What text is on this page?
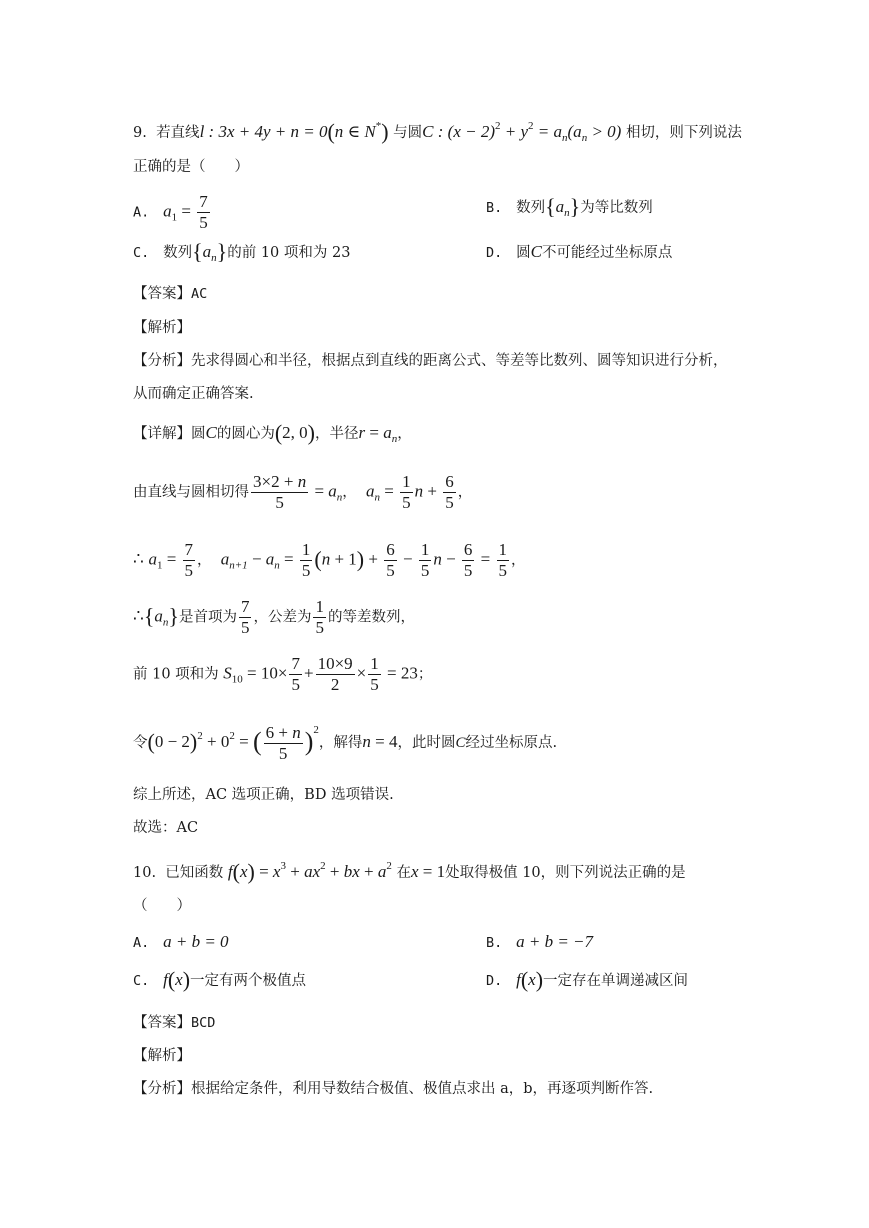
9. 若直线l : 3x + 4y + n = 0(n ∈ N*) 与圆C : $(x - 2)^2 + y^2 = a_n(a_n > 0)$ 相切，则下列说法
正确的是（　　）
A. $a_1 = \frac{7}{5}$	B. 数列$\{a_n\}$为等比数列
C. 数列$\{a_n\}$的前 10 项和为 23	D. 圆C不可能经过坐标原点
【答案】AC
【解析】
【分析】先求得圆心和半径，根据点到直线的距离公式、等差等比数列、圆等知识进行分析，
从而确定正确答案.
【详解】圆C的圆心为(2, 0)，半径$r = a_n$，
由直线与圆相切得 $\frac{3\times 2 + n}{5} = a_n$，  $a_n = \frac{1}{5}$ $n + \frac{6}{5}$ ，
∴ $a_1 = \frac{7}{5}$ ，  $a_{n+1} - a_n = \frac{1}{5} (n + 1) + \frac{6}{5} - \frac{1}{5}$ $n - \frac{6}{5} = \frac{1}{5}$ ，
$\therefore\{a_n\}$是首项为 $\frac{7}{5}$ ，公差为 $\frac{1}{5}$ 的等差数列，
前 10 项和为 $S_{10} = 10\times \frac{7}{5} + \frac{10\times 9}{2} \times \frac{1}{5} = 23$；
令$(0 - 2)^2 + 0^2$ = ( $\frac{6 + n}{5} )^2$，解得n = 4，此时圆C经过坐标原点.
综上所述，AC 选项正确，BD 选项错误.
故选：AC
10. 已知函数 $f(x) = x^3 + ax^2$ + bx + $a^2$ 在x = 1处取得极值 10，则下列说法正确的是
（　　）
A. a + b = 0	B. a + b = −7
C. f(x)一定有两个极值点	D. f(x)一定存在单调递减区间
【答案】BCD
【解析】
【分析】根据给定条件，利用导数结合极值、极值点求出 a，b，再逐项判断作答.
